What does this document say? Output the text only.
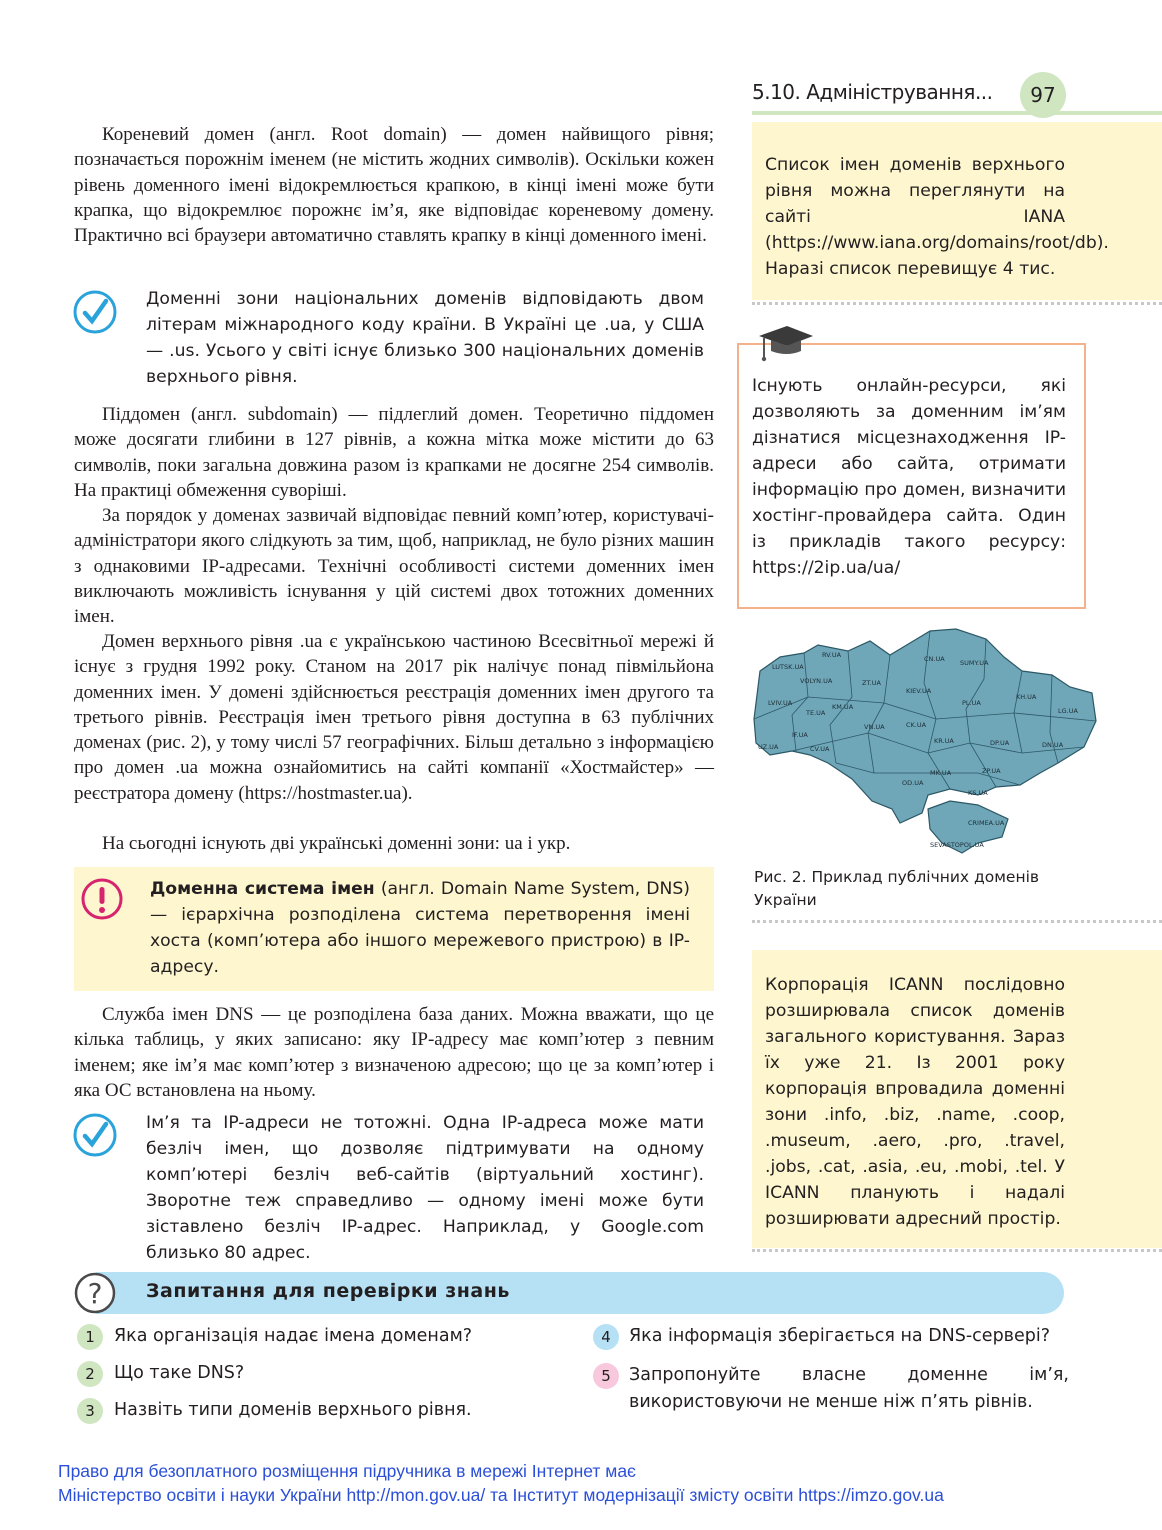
5.10. Адміністрування...	97

Кореневий домен (англ. Root domain) — домен найвищого рівня; позначається порожнім іменем (не містить жодних символів). Оскільки кожен рівень доменного імені відокремлюється крапкою, в кінці імені може бути крапка, що відокремлює порожнє ім’я, яке відповідає кореневому домену. Практично всі браузери автоматично ставлять крапку в кінці доменного імені.

Доменні зони національних доменів відповідають двом літерам міжнародного коду країни. В Україні це .ua, у США — .us. Усього у світі існує близько 300 національних доменів верхнього рівня.

Піддомен (англ. subdomain) — підлеглий домен. Теоретично піддомен може досягати глибини в 127 рівнів, а кожна мітка може містити до 63 символів, поки загальна довжина разом із крапками не досягне 254 символів. На практиці обмеження суворіші.

За порядок у доменах зазвичай відповідає певний комп’ютер, користувачі-адміністратори якого слідкують за тим, щоб, наприклад, не було різних машин з однаковими IP-адресами. Технічні особливості системи доменних імен виключають можливість існування у цій системі двох тотожних доменних імен.

Домен верхнього рівня .ua є українською частиною Всесвітньої мережі й існує з грудня 1992 року. Станом на 2017 рік налічує понад півмільйона доменних імен. У домені здійснюється реєстрація доменних імен другого та третього рівнів. Реєстрація імен третього рівня доступна в 63 публічних доменах (рис. 2), у тому числі 57 географічних. Більш детально з інформацією про домен .ua можна ознайомитись на сайті компанії «Хостмайстер» — реєстратора домену (https://hostmaster.ua).

На сьогодні існують дві українські доменні зони: ua і укр.

Доменна система імен (англ. Domain Name System, DNS) — ієрархічна розподілена система перетворення імені хоста (комп’ютера або іншого мережевого пристрою) в IP-адресу.

Служба імен DNS — це розподілена база даних. Можна вважати, що це кілька таблиць, у яких записано: яку IP-адресу має комп’ютер з певним іменем; яке ім’я має комп’ютер з визначеною адресою; що це за комп’ютер і яка ОС встановлена на ньому.

Ім’я та IP-адреси не тотожні. Одна IP-адреса може мати безліч імен, що дозволяє підтримувати на одному комп’ютері безліч веб-сайтів (віртуальний хостинг). Зворотне теж справедливо — одному імені може бути зіставлено безліч IP-адрес. Наприклад, у Google.com близько 80 адрес.

Список імен доменів верхнього рівня можна переглянути на сайті IANA (https://www.iana.org/domains/root/db). Наразі список перевищує 4 тис.

Існують онлайн-ресурси, які дозволяють за доменним ім’ям дізнатися місцезнаходження IP-адреси або сайта, отримати інформацію про домен, визначити хостінг-провайдера сайта. Один із прикладів такого ресурсу: https://2ip.ua/ua/

RV.UA
LUTSK.UA
VOLYN.UA	ZT.UA
CN.UA SUMY.UA
KIEV.UA
KH.UA
LVIV.UA
TE.UA
KM.UA
VN.UA	CK.UA
PL.UA
LG.UA
IF.UA
UZ.UA	CV.UA
KR.UA	DP.UA	DN.UA
OD.UA
MK.UA	ZP.UA
KS.UA
CRIMEA.UA
SEVASTOPOL.UA

Рис. 2. Приклад публічних доменів України

Корпорація ICANN послідовно розширювала список доменів загального користування. Зараз їх уже 21. Із 2001 року корпорація впровадила доменні зони .info, .biz, .name, .coop, .museum, .aero, .pro, .travel, .jobs, .cat, .asia, .eu, .mobi, .tel. У ICANN планують і надалі розширювати адресний простір.

? Запитання для перевірки знань
1	Яка організація надає імена доменам?
2	Що таке DNS?
3	Назвіть типи доменів верхнього рівня.
4	Яка інформація зберігається на DNS-сервері?
5	Запропонуйте власне доменне ім’я, використовуючи не менше ніж п’ять рівнів.
Право для безоплатного розміщення підручника в мережі Інтернет має
Міністерство освіти і науки України http://mon.gov.ua/ та Інститут модернізації змісту освіти https://imzo.gov.ua
